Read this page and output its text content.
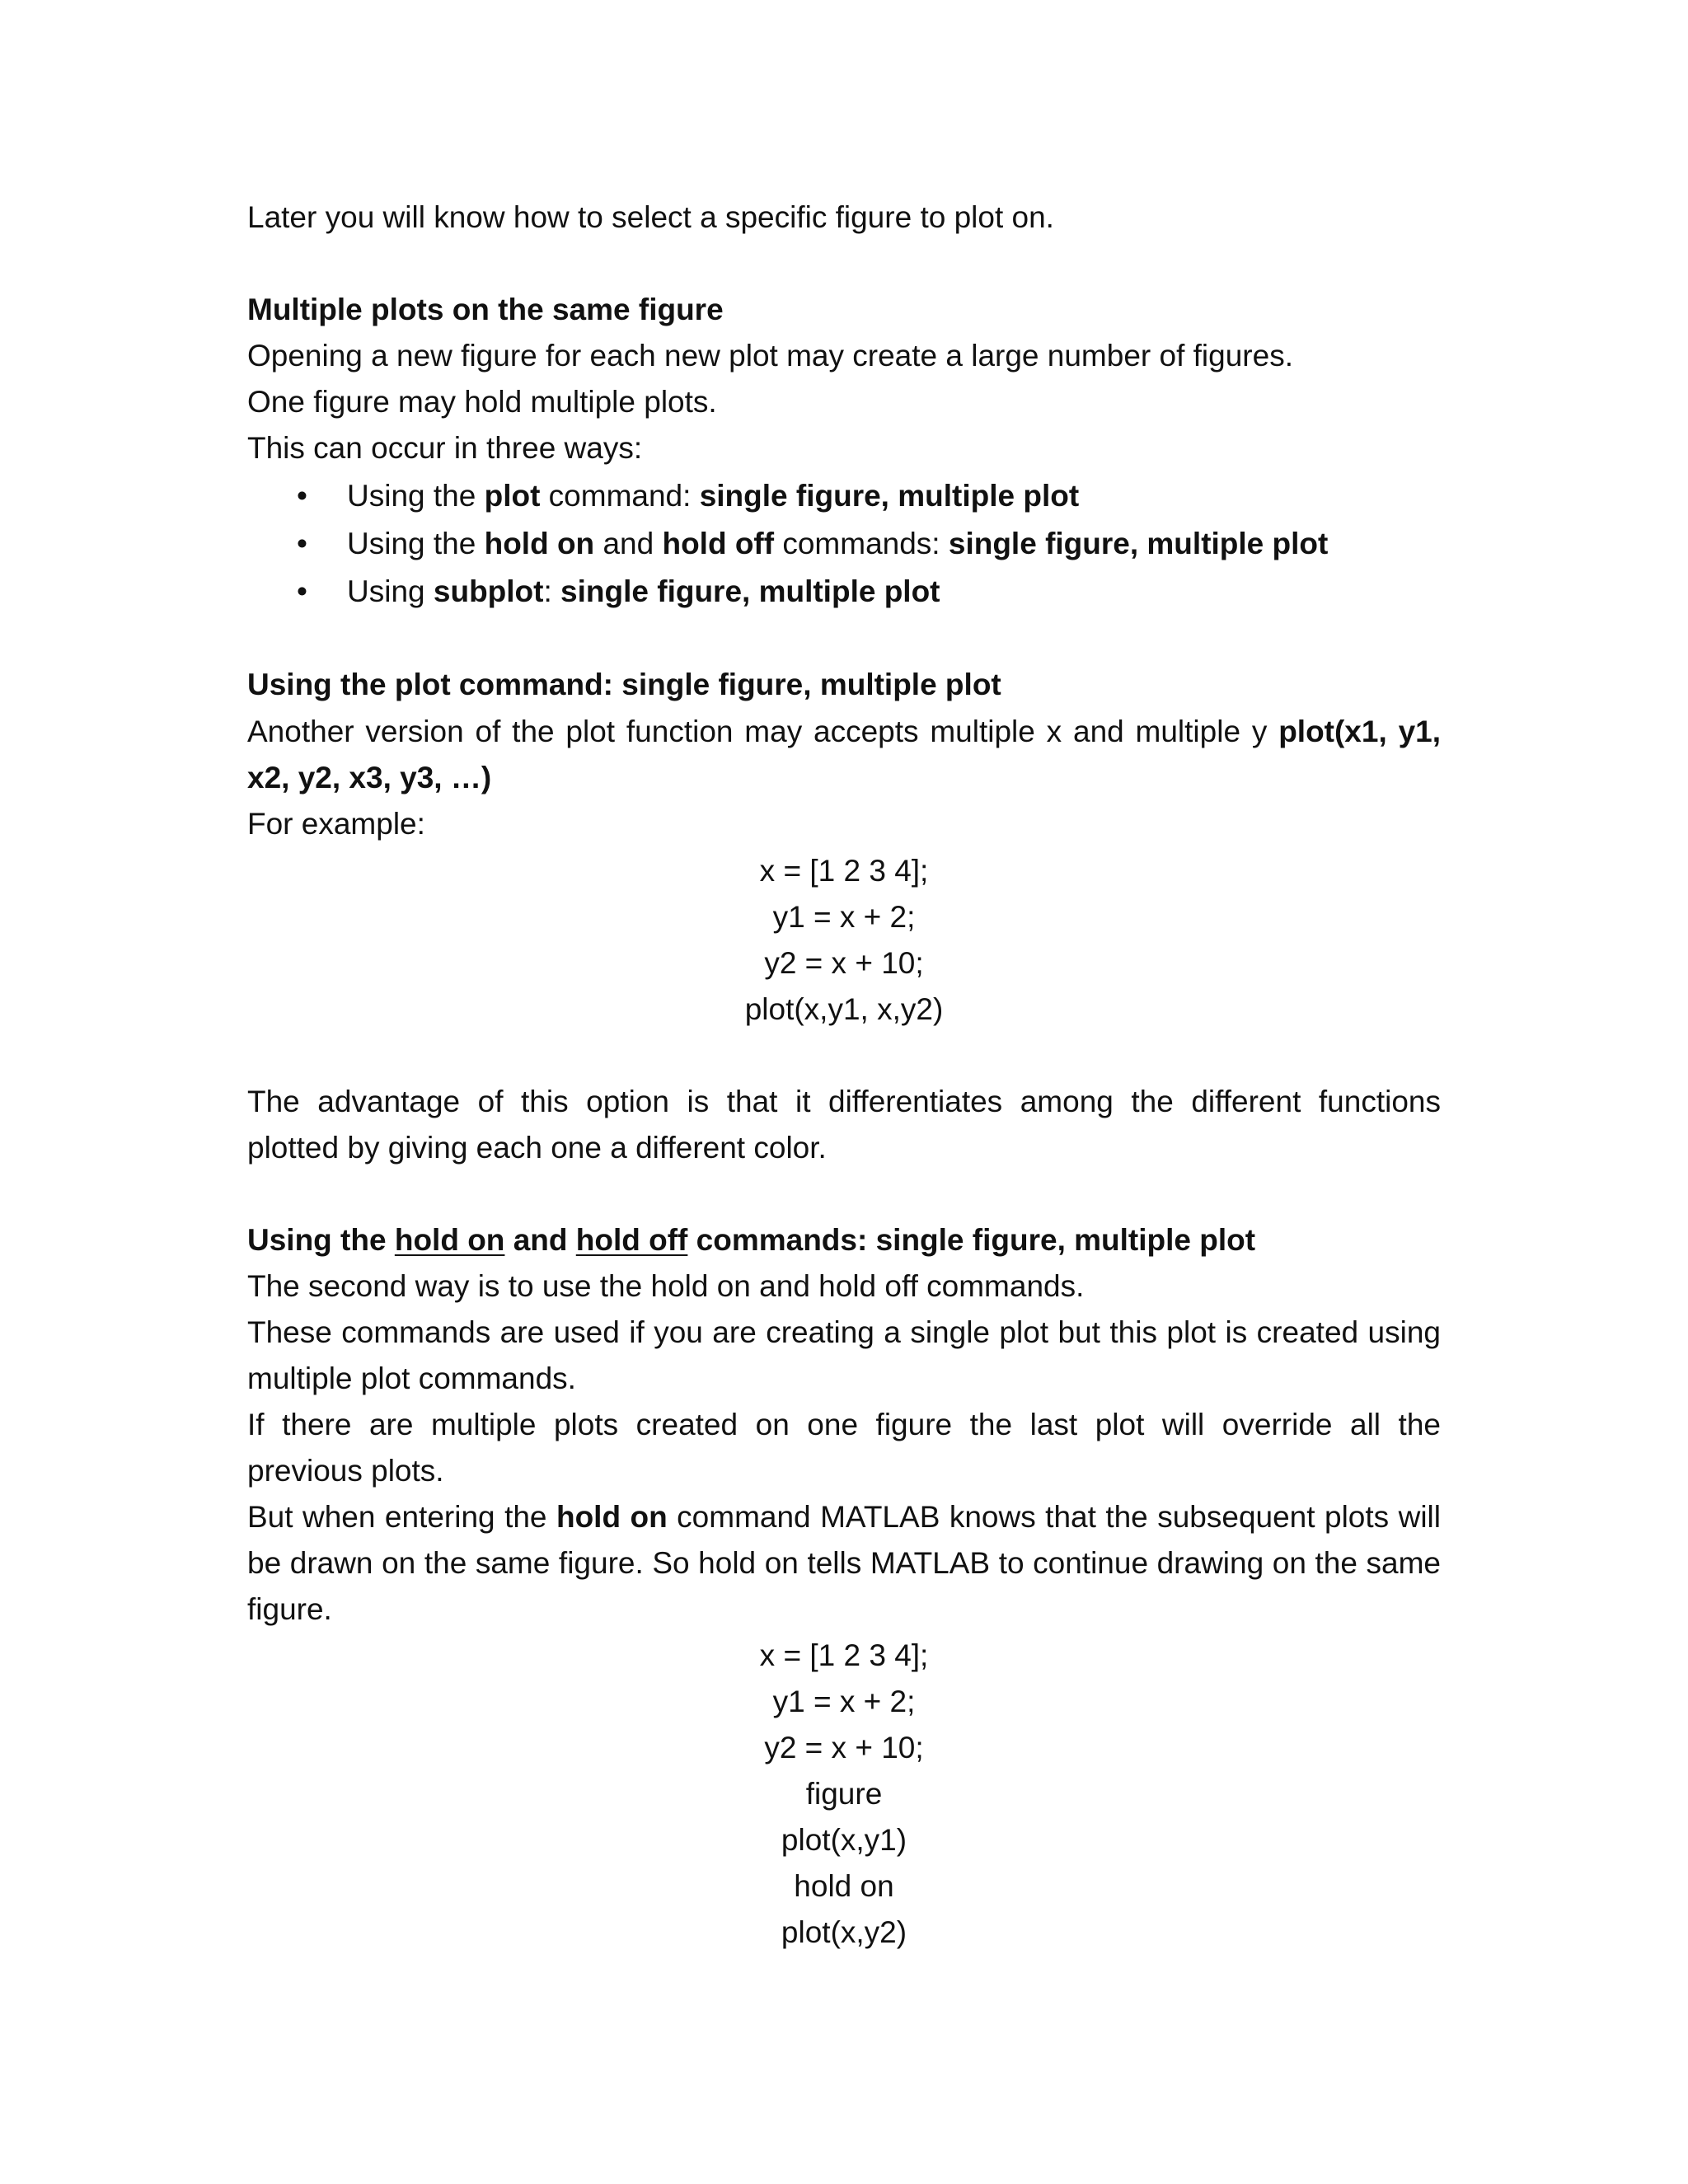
Later you will know how to select a specific figure to plot on.
Multiple plots on the same figure
Opening a new figure for each new plot may create a large number of figures.
One figure may hold multiple plots.
This can occur in three ways:
• Using the plot command: single figure, multiple plot
• Using the hold on and hold off commands: single figure, multiple plot
• Using subplot: single figure, multiple plot
Using the plot command: single figure, multiple plot
Another version of the plot function may accepts multiple x and multiple y plot(x1, y1,
x2, y2, x3, y3, …)
For example:
x = [1 2 3 4];
y1 = x + 2;
y2 = x + 10;
plot(x,y1, x,y2)
The advantage of this option is that it differentiates among the different functions
plotted by giving each one a different color.
Using the hold on and hold off commands: single figure, multiple plot
The second way is to use the hold on and hold off commands.
These commands are used if you are creating a single plot but this plot is created using
multiple plot commands.
If there are multiple plots created on one figure the last plot will override all the
previous plots.
But when entering the hold on command MATLAB knows that the subsequent plots will
be drawn on the same figure. So hold on tells MATLAB to continue drawing on the same
figure.
x = [1 2 3 4];
y1 = x + 2;
y2 = x + 10;
figure
plot(x,y1)
hold on
plot(x,y2)
